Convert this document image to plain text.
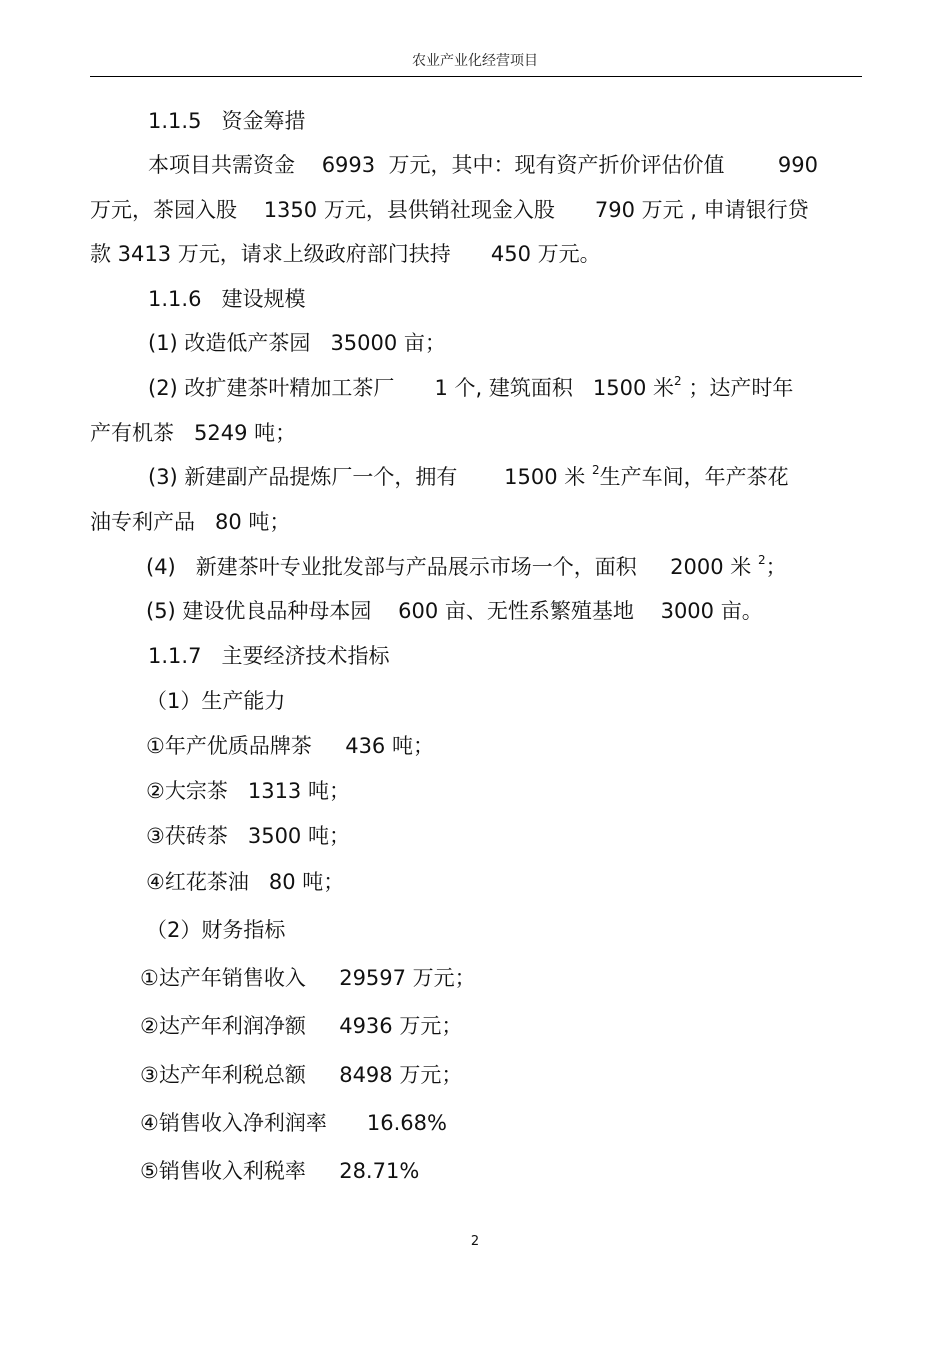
农业产业化经营项目
1.1.5   资金筹措
本项目共需资金    6993  万元，其中：现有资产折价评估价值        990
万元，茶园入股    1350 万元，县供销社现金入股      790 万元 , 申请银行贷
款 3413 万元，请求上级政府部门扶持      450 万元。
1.1.6   建设规模
(1) 改造低产茶园   35000 亩；
(2) 改扩建茶叶精加工茶厂      1 个, 建筑面积   1500 米$^2$ ；达产时年
产有机茶   5249 吨；
(3) 新建副产品提炼厂一个，拥有       1500 米 $^2$生产车间，年产茶花
油专利产品   80 吨；
(4)   新建茶叶专业批发部与产品展示市场一个，面积     2000 米 $^2$；
(5) 建设优良品种母本园    600 亩、无性系繁殖基地    3000 亩。
1.1.7   主要经济技术指标
（1）生产能力
①年产优质品牌茶     436 吨；
②大宗茶   1313 吨；
③茯砖茶   3500 吨；
④红花茶油   80 吨；
（2）财务指标
①达产年销售收入     29597 万元；
②达产年利润净额     4936 万元；
③达产年利税总额     8498 万元；
④销售收入净利润率      16.68%
⑤销售收入利税率     28.71%
2
